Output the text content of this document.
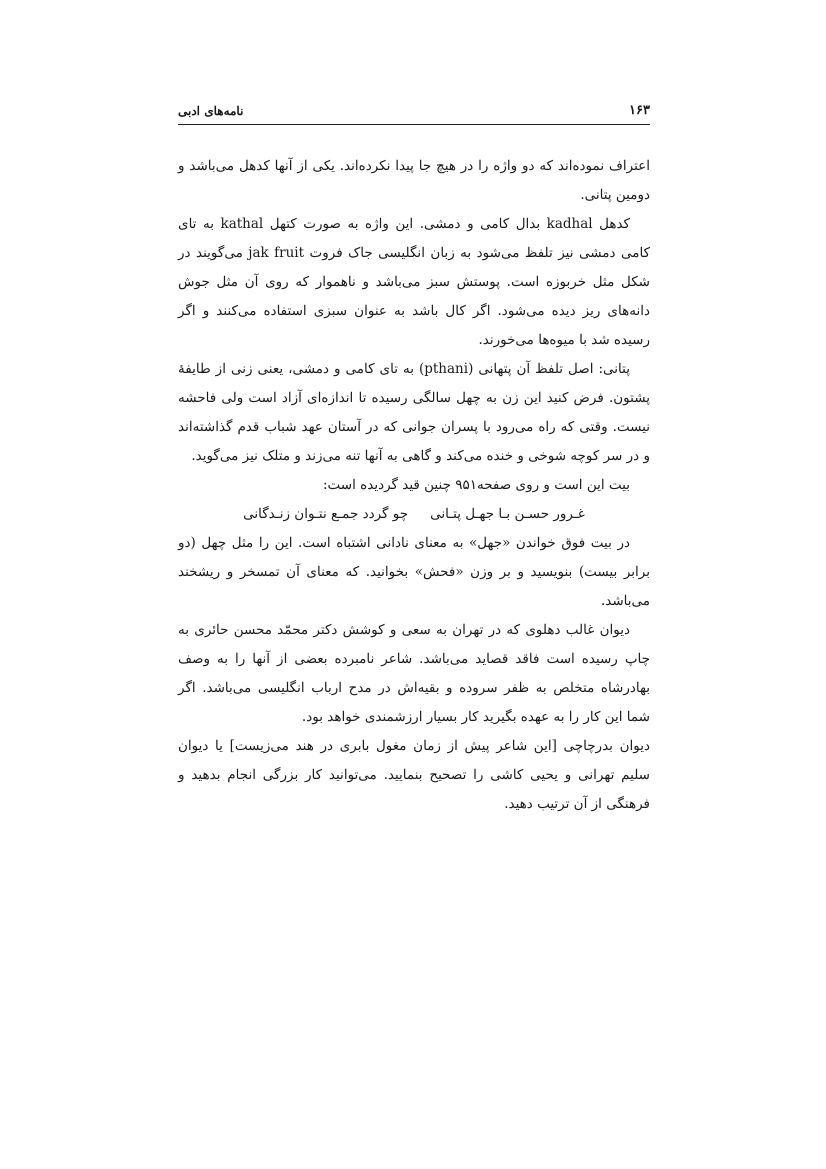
۱۶۳
نامه‌های ادبی

اعتراف نموده‌اند که دو واژه را در هیچ جا پیدا نکرده‌اند. یکی از آنها کدهل می‌باشد و دومین پتانی.

کدهل kadhal بدال کامی و دمشی. این واژه به صورت کتهل kathal به تای کامی دمشی نیز تلفظ می‌شود به زبان انگلیسی جاک فروت jak fruit می‌گویند در شکل مثل خربوزه است. پوستش سبز می‌باشد و ناهموار که روی آن مثل جوش دانه‌های ریز دیده می‌شود. اگر کال باشد به عنوان سبزی استفاده می‌کنند و اگر رسیده شد با میوه‌ها می‌خورند.

پتانی: اصل تلفظ آن پتهانی (pthani) به تای کامی و دمشی، یعنی زنی از طایفهٔ پشتون. فرض کنید این زن به چهل سالگی رسیده تا اندازه‌ای آزاد است ولی فاحشه نیست. وقتی که راه می‌رود با پسران جوانی که در آستان عهد شباب قدم گذاشته‌اند و در سر کوچه شوخی و خنده می‌کند و گاهی به آنها تنه می‌زند و متلک نیز می‌گوید.

بیت این است و روی صفحه۹۵۱ چنین قید گردیده است:

غـرور حسـن بـا جهـل پتـانی
چو گردد جمـع نتـوان زنـدگانی

در بیت فوق خواندن «جهل» به معنای نادانی اشتباه است. این را مثل چهل (دو برابر بیست) بنویسید و بر وزن «فحش» بخوانید. که معنای آن تمسخر و ریشخند می‌باشد.

دیوان غالب دهلوی که در تهران به سعی و کوشش دکتر محمّد محسن حائری به چاپ رسیده است فاقد قصاید می‌باشد. شاعر نامبرده بعضی از آنها را به وصف بهادرشاه متخلص به ظفر سروده و بقیه‌اش در مدح ارباب انگلیسی می‌باشد. اگر شما این کار را به عهده بگیرید کار بسیار ارزشمندی خواهد بود.

دیوان بدرچاچی [این شاعر پیش از زمان مغول بابری در هند می‌زیست] یا دیوان سلیم تهرانی و یحیی کاشی را تصحیح بنمایید. می‌توانید کار بزرگی انجام بدهید و فرهنگی از آن ترتیب دهید.
